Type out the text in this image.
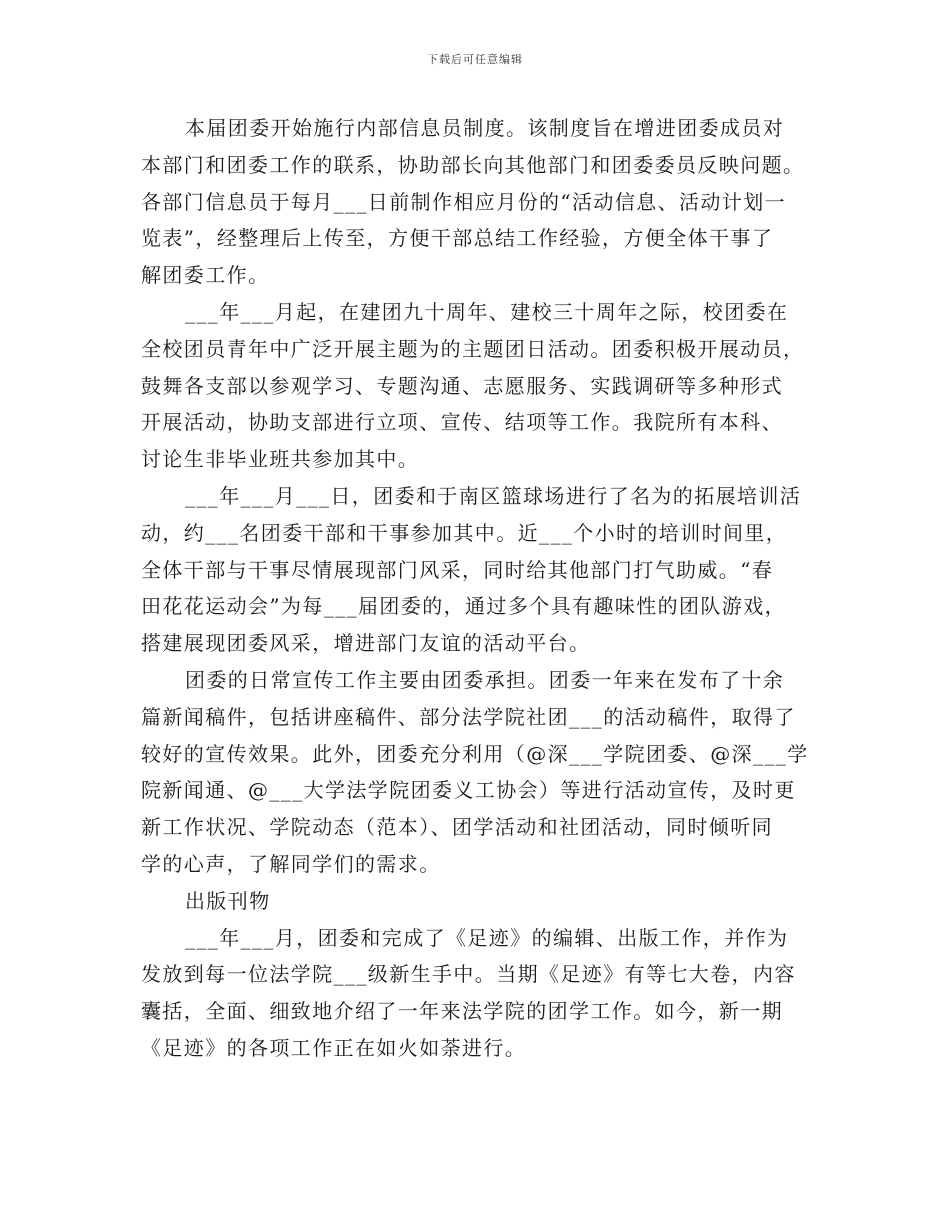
下载后可任意编辑
本届团委开始施行内部信息员制度。该制度旨在增进团委成员对
本部门和团委工作的联系，协助部长向其他部门和团委委员反映问题。
各部门信息员于每月___日前制作相应月份的“活动信息、活动计划一
览表”，经整理后上传至，方便干部总结工作经验，方便全体干事了
解团委工作。
___年___月起，在建团九十周年、建校三十周年之际，校团委在
全校团员青年中广泛开展主题为的主题团日活动。团委积极开展动员，
鼓舞各支部以参观学习、专题沟通、志愿服务、实践调研等多种形式
开展活动，协助支部进行立项、宣传、结项等工作。我院所有本科、
讨论生非毕业班共参加其中。
___年___月___日，团委和于南区篮球场进行了名为的拓展培训活
动，约___名团委干部和干事参加其中。近___个小时的培训时间里，
全体干部与干事尽情展现部门风采，同时给其他部门打气助威。“春
田花花运动会”为每___届团委的，通过多个具有趣味性的团队游戏，
搭建展现团委风采，增进部门友谊的活动平台。
团委的日常宣传工作主要由团委承担。团委一年来在发布了十余
篇新闻稿件，包括讲座稿件、部分法学院社团___的活动稿件，取得了
较好的宣传效果。此外，团委充分利用（@深___学院团委、@深___学
院新闻通、@___大学法学院团委义工协会）等进行活动宣传，及时更
新工作状况、学院动态（范本）、团学活动和社团活动，同时倾听同
学的心声，了解同学们的需求。
出版刊物
___年___月，团委和完成了《足迹》的编辑、出版工作，并作为
发放到每一位法学院___级新生手中。当期《足迹》有等七大卷，内容
囊括，全面、细致地介绍了一年来法学院的团学工作。如今，新一期
《足迹》的各项工作正在如火如荼进行。
